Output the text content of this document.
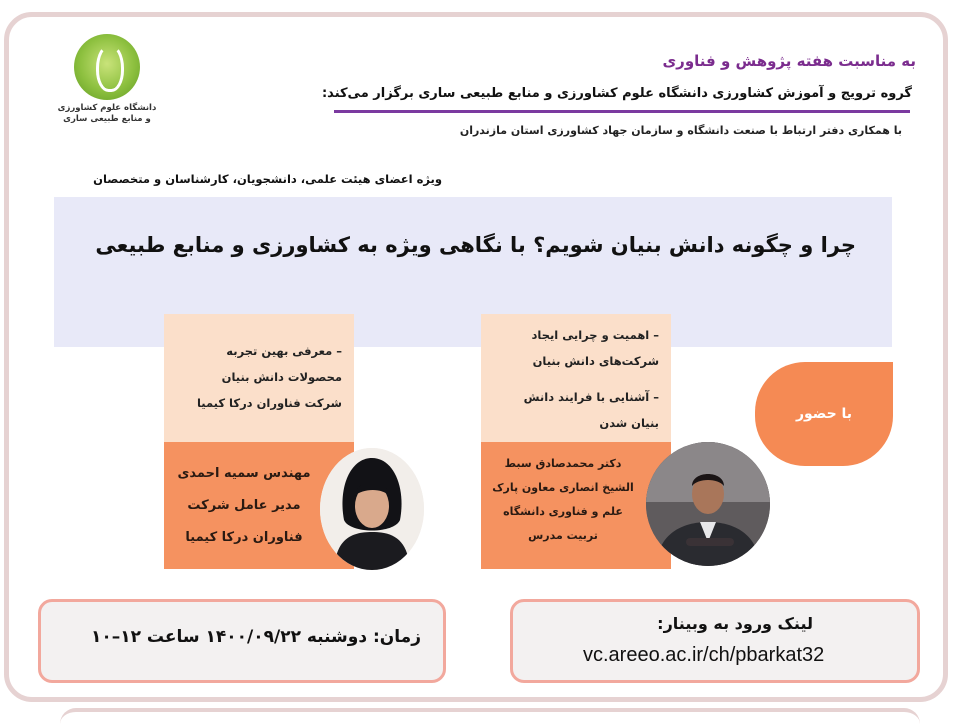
دانشگاه علوم کشاورزی
و منابع طبیعی ساری
به مناسبت هفته پژوهش و فناوری
گروه ترویج و آموزش کشاورزی دانشگاه علوم کشاورزی و منابع طبیعی ساری برگزار می‌کند:
با همکاری دفتر ارتباط با صنعت دانشگاه و سازمان جهاد کشاورزی استان مازندران
ویژه اعضای هیئت علمی، دانشجویان، کارشناسان و متخصصان
چرا و چگونه دانش بنیان شویم؟ با نگاهی ویژه به کشاورزی و منابع طبیعی
– معرفی بهین تجربه
محصولات دانش بنیان
شرکت فناوران درکا کیمیا
– اهمیت و چرایی ایجاد
شرکت‌های دانش بنیان
– آشنایی با فرایند دانش
بنیان شدن
مهندس سمیه احمدی
مدیر عامل شرکت
فناوران درکا کیمیا
دکتر محمدصادق سبط
الشیخ انصاری معاون پارک
علم و فناوری دانشگاه
تربیت مدرس
با حضور
زمان: دوشنبه ۱۴۰۰/۰۹/۲۲ ساعت ۱۲–۱۰
لینک ورود به وبینار:
vc.areeo.ac.ir/ch/pbarkat32
